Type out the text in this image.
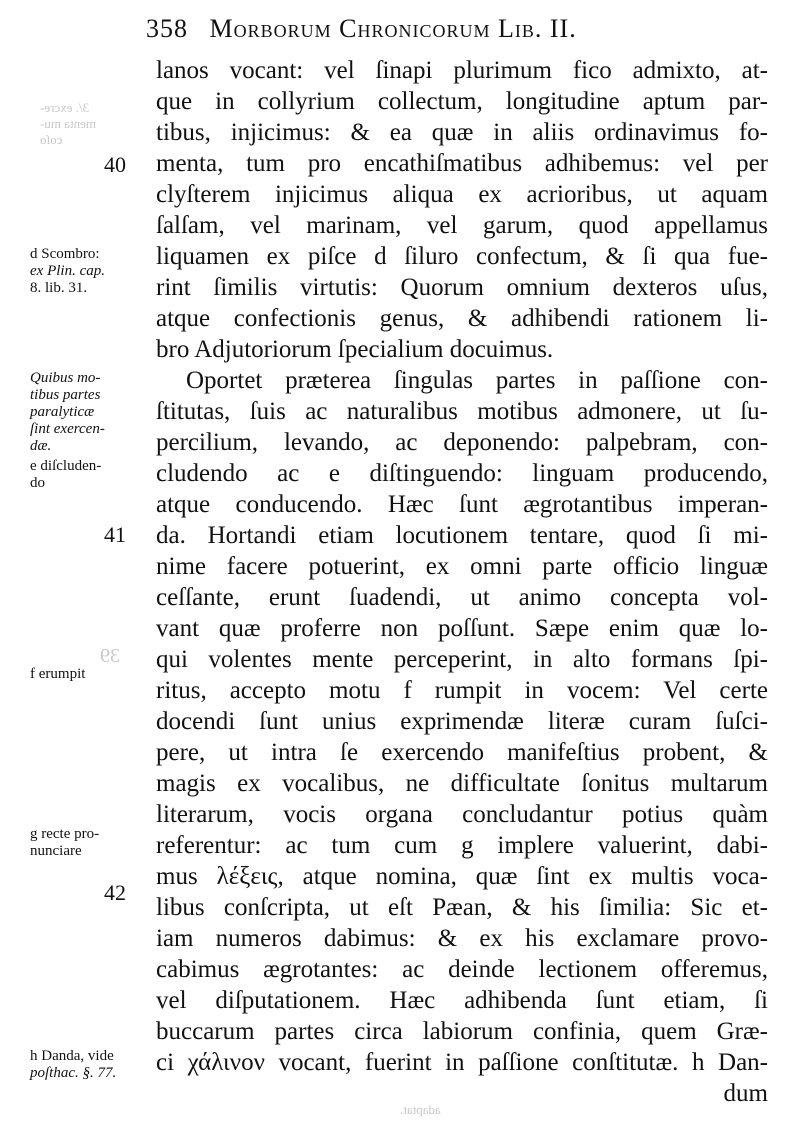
3/. excre-
menta mu-
coſo
39
adaptat.
358 Morborum Chronicorum Lib. II.
lanos vocant: vel ſinapi plurimum fico admixto, at-
que in collyrium collectum, longitudine aptum par-
tibus, injicimus: & ea quæ in aliis ordinavimus fo-
menta, tum pro encathiſmatibus adhibemus: vel per
clyſterem injicimus aliqua ex acrioribus, ut aquam
ſalſam, vel marinam, vel garum, quod appellamus
liquamen ex piſce d ſiluro confectum, & ſi qua fue-
rint ſimilis virtutis: Quorum omnium dexteros uſus,
atque confectionis genus, & adhibendi rationem li-
bro Adjutoriorum ſpecialium docuimus.
Oportet præterea ſingulas partes in paſſione con-
ſtitutas, ſuis ac naturalibus motibus admonere, ut ſu-
percilium, levando, ac deponendo: palpebram, con-
cludendo ac e diſtinguendo: linguam producendo,
atque conducendo. Hæc ſunt ægrotantibus imperan-
da. Hortandi etiam locutionem tentare, quod ſi mi-
nime facere potuerint, ex omni parte officio linguæ
ceſſante, erunt ſuadendi, ut animo concepta vol-
vant quæ proferre non poſſunt. Sæpe enim quæ lo-
qui volentes mente perceperint, in alto formans ſpi-
ritus, accepto motu f rumpit in vocem: Vel certe
docendi ſunt unius exprimendæ literæ curam ſuſci-
pere, ut intra ſe exercendo manifeſtius probent, &
magis ex vocalibus, ne difficultate ſonitus multarum
literarum, vocis organa concludantur potius quàm
referentur: ac tum cum g implere valuerint, dabi-
mus λέξεις, atque nomina, quæ ſint ex multis voca-
libus conſcripta, ut eſt Pæan, & his ſimilia: Sic et-
iam numeros dabimus: & ex his exclamare provo-
cabimus ægrotantes: ac deinde lectionem offeremus,
vel diſputationem. Hæc adhibenda ſunt etiam, ſi
buccarum partes circa labiorum confinia, quem Græ-
ci χάλινον vocant, fuerint in paſſione conſtitutæ. h Dan-
dum
40
41
42
d Scombro:
ex Plin. cap.
8. lib. 31.
Quibus mo-
tibus partes
paralyticæ
ſint exercen-
dæ.
e diſcluden-
do
f erumpit
g recte pro-
nunciare
h Danda, vide
poſthac. §. 77.
